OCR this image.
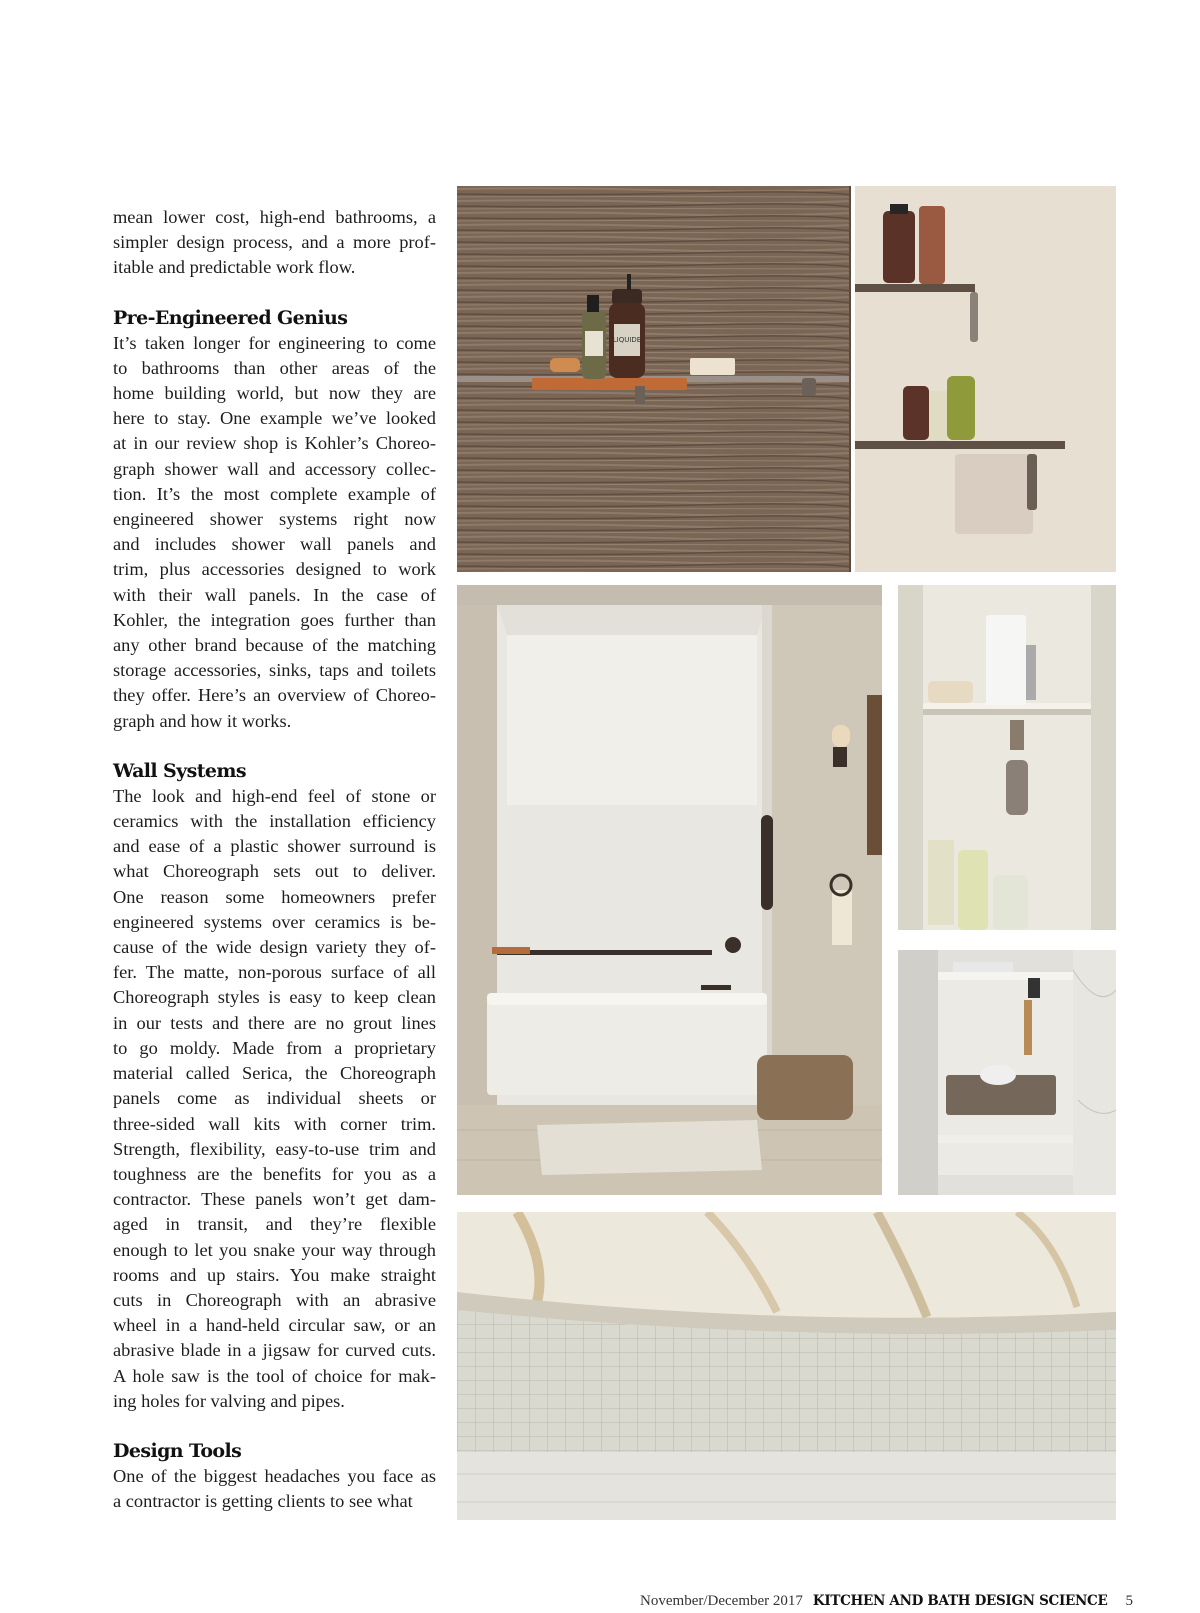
mean lower cost, high-end bathrooms, a
simpler design process, and a more prof-
itable and predictable work flow.
Pre-Engineered Genius
It’s taken longer for engineering to come
to bathrooms than other areas of the
home building world, but now they are
here to stay. One example we’ve looked
at in our review shop is Kohler’s Choreo-
graph shower wall and accessory collec-
tion. It’s the most complete example of
engineered shower systems right now
and includes shower wall panels and
trim, plus accessories designed to work
with their wall panels. In the case of
Kohler, the integration goes further than
any other brand because of the matching
storage accessories, sinks, taps and toilets
they offer. Here’s an overview of Choreo-
graph and how it works.
Wall Systems
The look and high-end feel of stone or
ceramics with the installation efficiency
and ease of a plastic shower surround is
what Choreograph sets out to deliver.
One reason some homeowners prefer
engineered systems over ceramics is be-
cause of the wide design variety they of-
fer. The matte, non-porous surface of all
Choreograph styles is easy to keep clean
in our tests and there are no grout lines
to go moldy. Made from a proprietary
material called Serica, the Choreograph
panels come as individual sheets or
three-sided wall kits with corner trim.
Strength, flexibility, easy-to-use trim and
toughness are the benefits for you as a
contractor. These panels won’t get dam-
aged in transit, and they’re flexible
enough to let you snake your way through
rooms and up stairs. You make straight
cuts in Choreograph with an abrasive
wheel in a hand-held circular saw, or an
abrasive blade in a jigsaw for curved cuts.
A hole saw is the tool of choice for mak-
ing holes for valving and pipes.
Design Tools
One of the biggest headaches you face as
a contractor is getting clients to see what
LIQUIDE
November/December 2017 KITCHEN AND BATH DESIGN SCIENCE 5
